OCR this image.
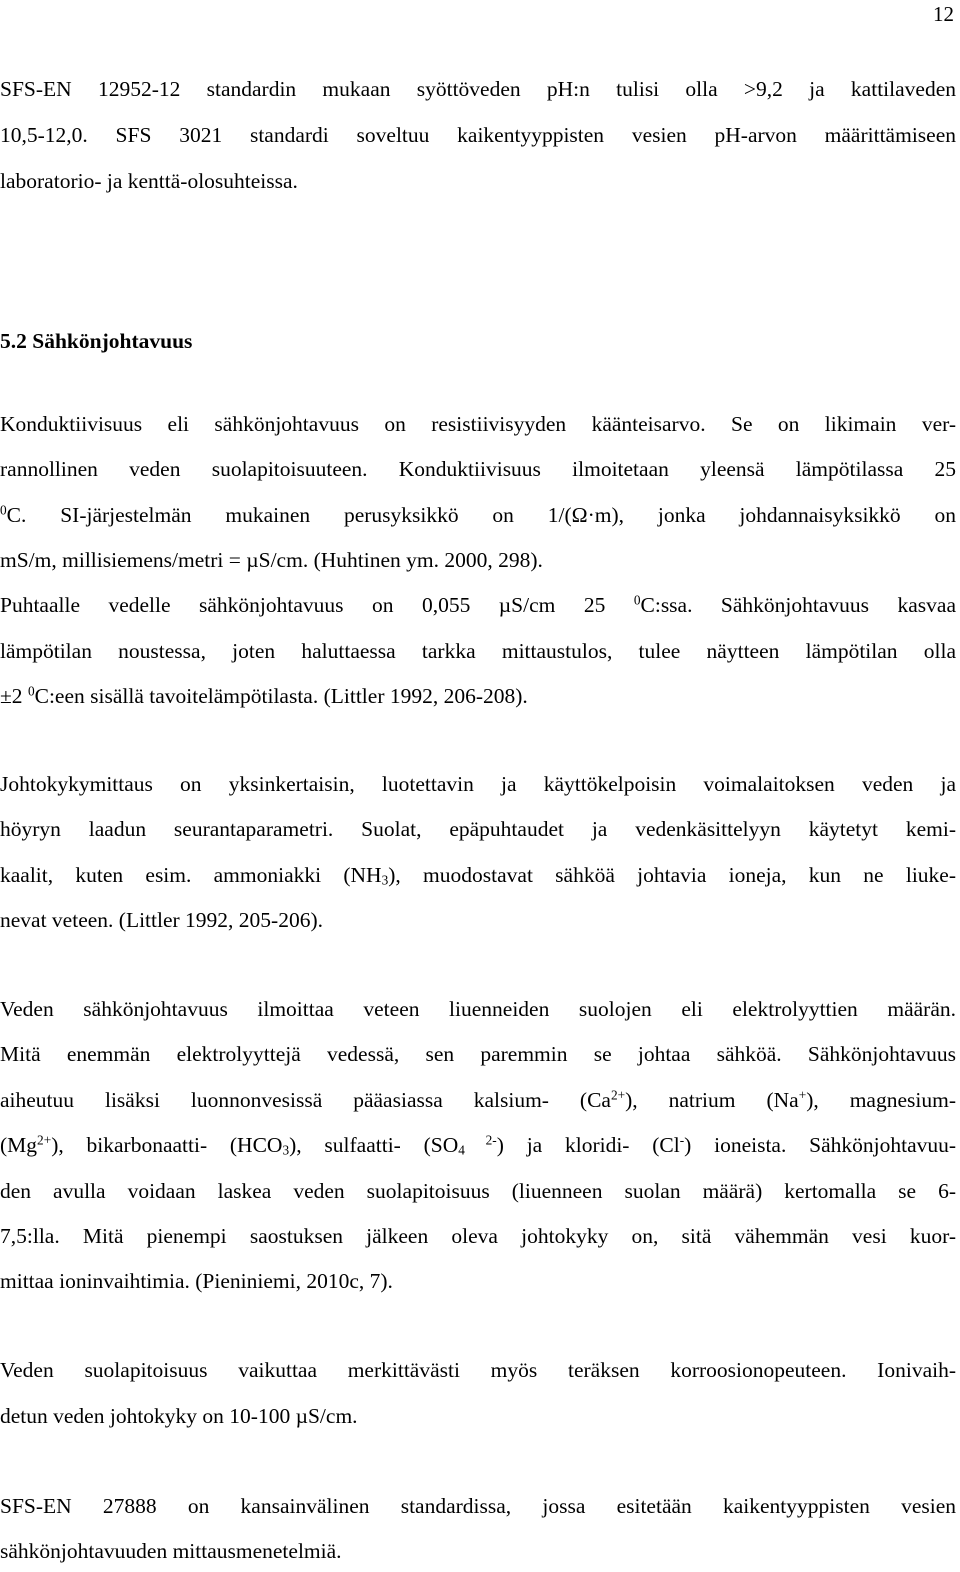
12
SFS-EN 12952-12 standardin mukaan syöttöveden pH:n tulisi olla >9,2 ja kattilaveden
10,5-12,0. SFS 3021 standardi soveltuu kaikentyyppisten vesien pH-arvon määrittämiseen
laboratorio- ja kenttä-olosuhteissa.
5.2 Sähkönjohtavuus
Konduktiivisuus eli sähkönjohtavuus on resistiivisyyden käänteisarvo. Se on likimain ver-
rannollinen veden suolapitoisuuteen. Konduktiivisuus ilmoitetaan yleensä lämpötilassa 25
$^0$C. SI-järjestelmän mukainen perusyksikkö on 1/(Ω·m), jonka johdannaisyksikkö on
mS/m, millisiemens/metri = µS/cm. (Huhtinen ym. 2000, 298).
Puhtaalle vedelle sähkönjohtavuus on 0,055 µS/cm 25 $^0$C:ssa. Sähkönjohtavuus kasvaa
lämpötilan noustessa, joten haluttaessa tarkka mittaustulos, tulee näytteen lämpötilan olla
±2 $^0$C:een sisällä tavoitelämpötilasta. (Littler 1992, 206-208).
Johtokykymittaus on yksinkertaisin, luotettavin ja käyttökelpoisin voimalaitoksen veden ja
höyryn laadun seurantaparametri. Suolat, epäpuhtaudet ja vedenkäsittelyyn käytetyt kemi-
kaalit, kuten esim. ammoniakki $(NH_3)$, muodostavat sähköä johtavia ioneja, kun ne liuke-
nevat veteen. (Littler 1992, 205-206).
Veden sähkönjohtavuus ilmoittaa veteen liuenneiden suolojen eli elektrolyyttien määrän.
Mitä enemmän elektrolyyttejä vedessä, sen paremmin se johtaa sähköä. Sähkönjohtavuus
aiheutuu lisäksi luonnonvesissä pääasiassa kalsium- $(Ca^{2+})$, natrium (Na+), magnesium-
$(Mg^{2+})$, bikarbonaatti- $(HCO_3)$, sulfaatti- ($SO_4$ $^{2-}$) ja kloridi- (Cl-) ioneista. Sähkönjohtavuu-
den avulla voidaan laskea veden suolapitoisuus (liuenneen suolan määrä) kertomalla se 6-
7,5:lla. Mitä pienempi saostuksen jälkeen oleva johtokyky on, sitä vähemmän vesi kuor-
mittaa ioninvaihtimia. (Pieniniemi, 2010c, 7).
Veden suolapitoisuus vaikuttaa merkittävästi myös teräksen korroosionopeuteen. Ionivaih-
detun veden johtokyky on 10-100 µS/cm.
SFS-EN 27888 on kansainvälinen standardissa, jossa esitetään kaikentyyppisten vesien
sähkönjohtavuuden mittausmenetelmiä.
